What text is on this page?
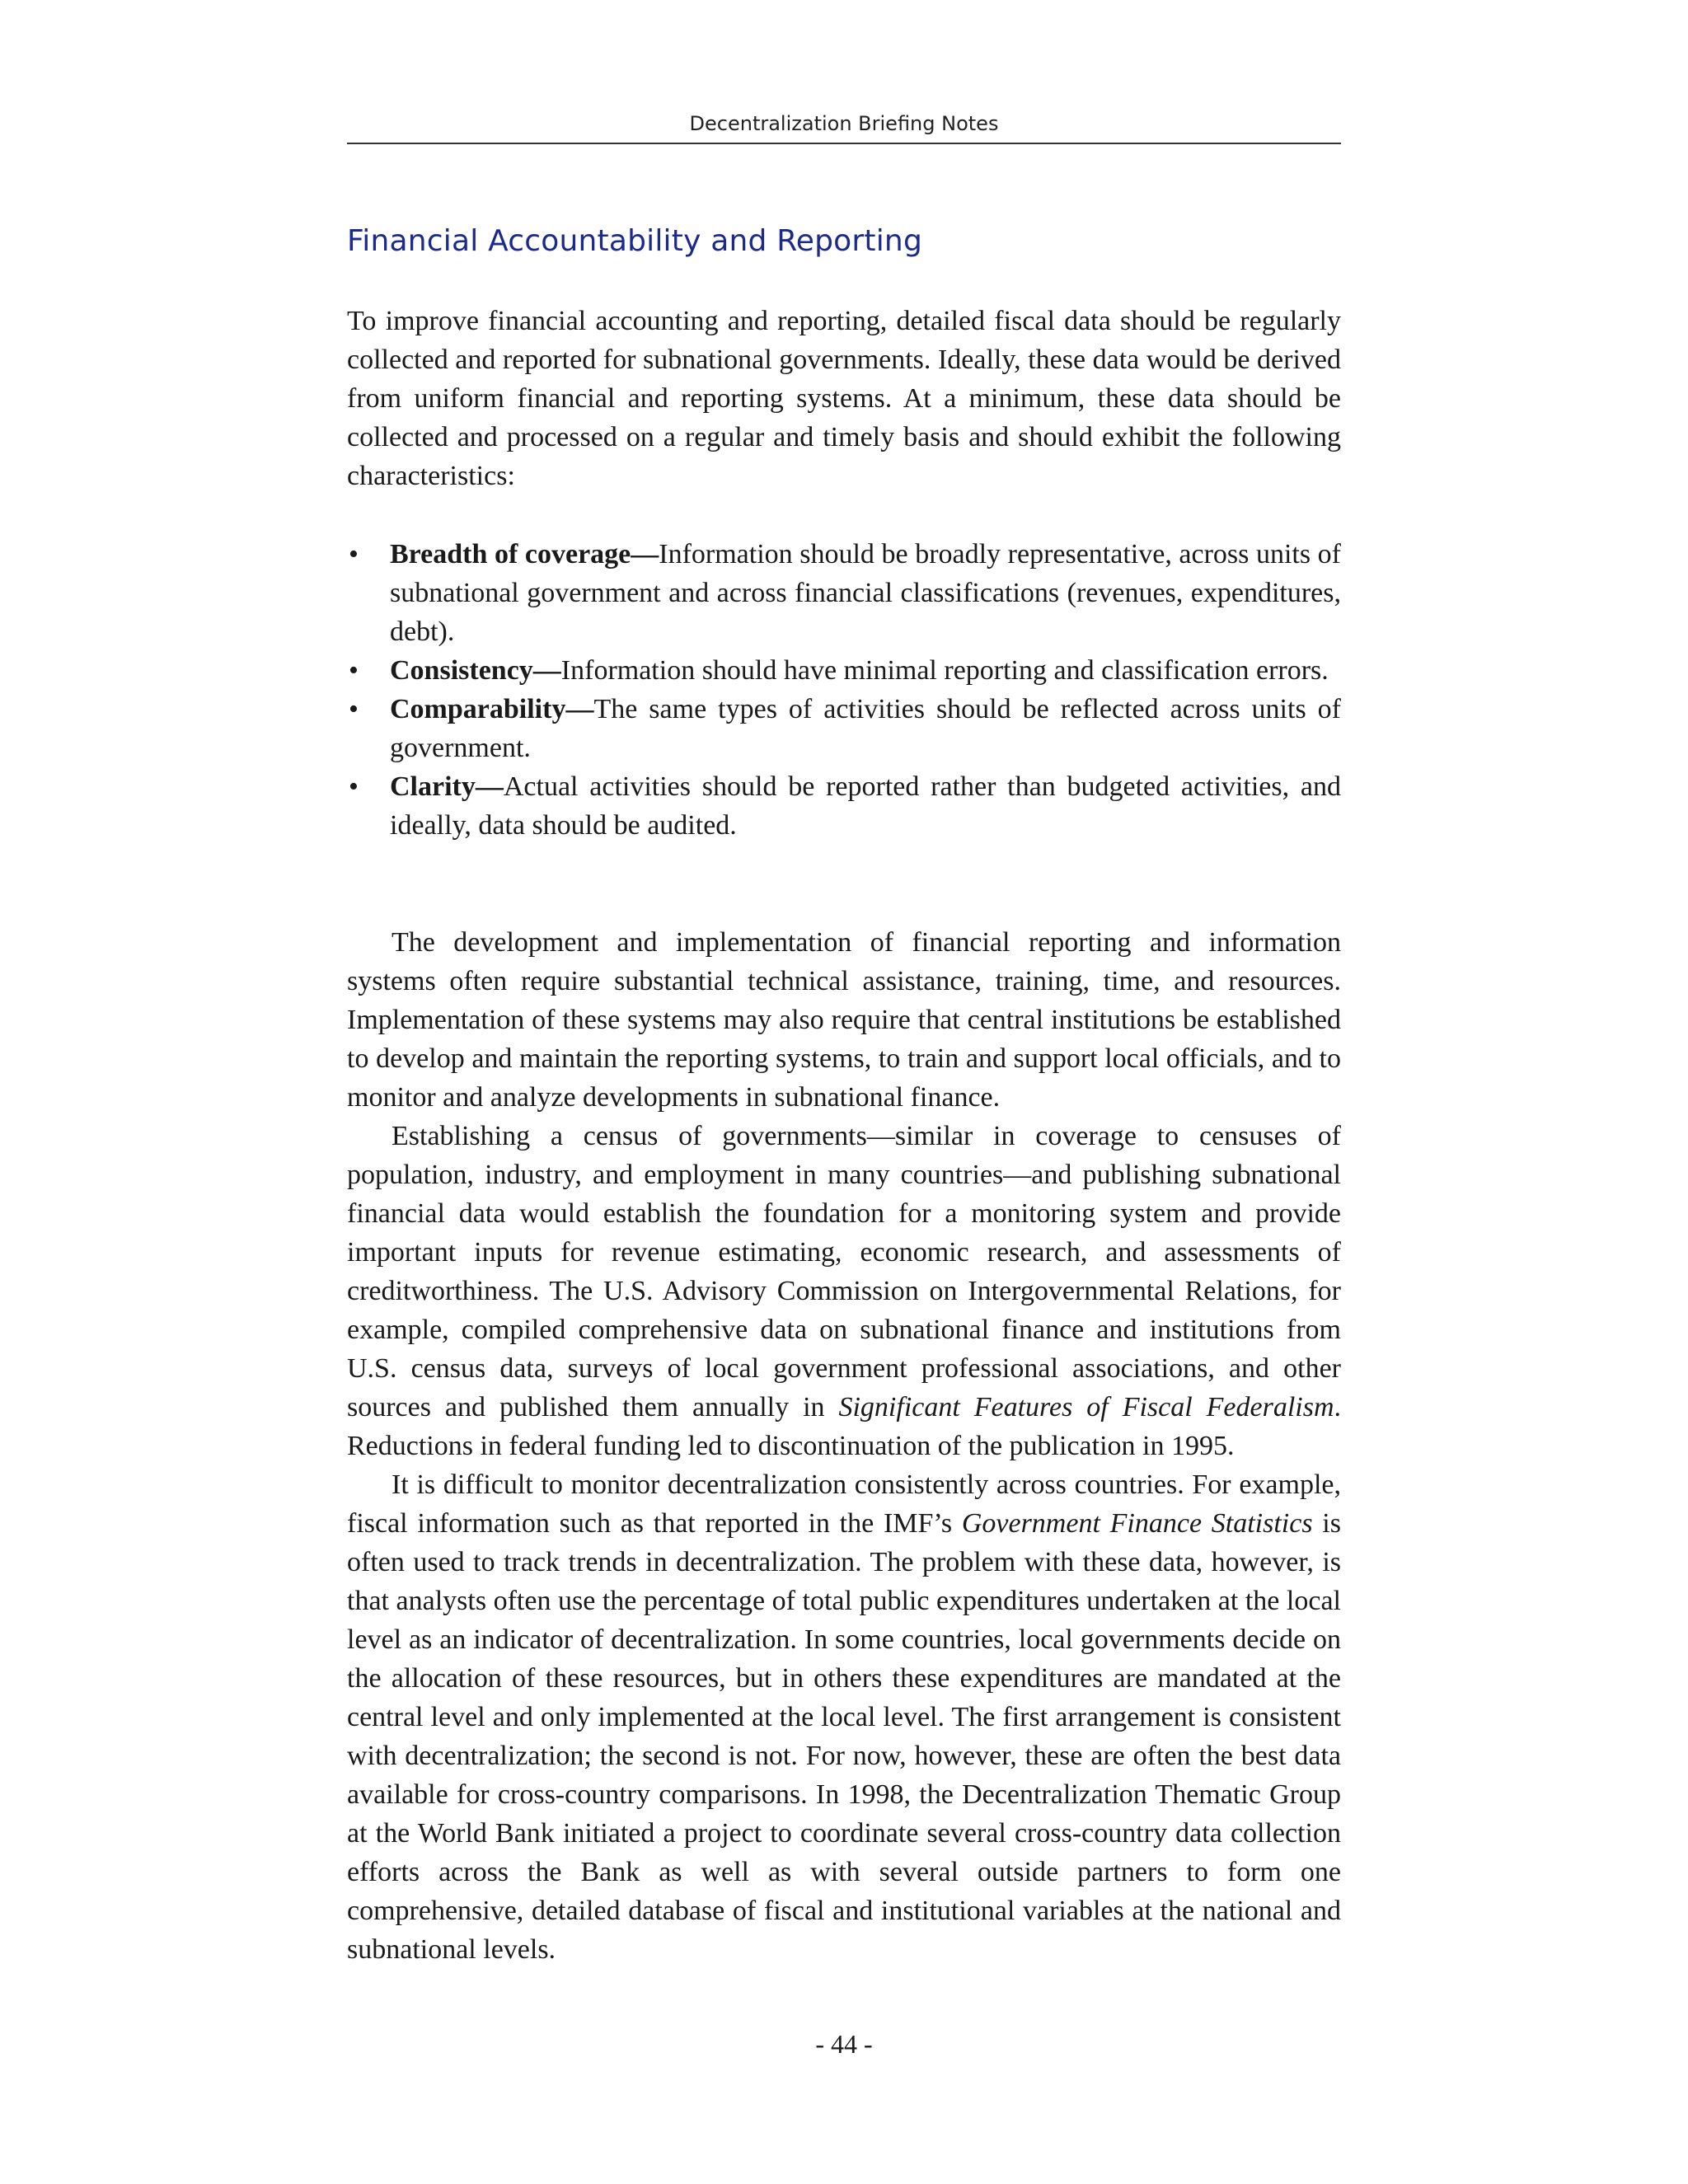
Decentralization Briefing Notes
Financial Accountability and Reporting

To improve financial accounting and reporting, detailed fiscal data should be regularly collected and reported for subnational governments. Ideally, these data would be derived from uniform financial and reporting systems. At a minimum, these data should be collected and processed on a regular and timely basis and should exhibit the following characteristics:

• Breadth of coverage—Information should be broadly representative, across units of subnational government and across financial classifications (revenues, expenditures, debt).
• Consistency—Information should have minimal reporting and classification errors.
• Comparability—The same types of activities should be reflected across units of government.
• Clarity—Actual activities should be reported rather than budgeted activities, and ideally, data should be audited.

The development and implementation of financial reporting and information systems often require substantial technical assistance, training, time, and resources. Implementation of these systems may also require that central institutions be established to develop and maintain the reporting systems, to train and support local officials, and to monitor and analyze developments in subnational finance.

Establishing a census of governments—similar in coverage to censuses of population, industry, and employment in many countries—and publishing subnational financial data would establish the foundation for a monitoring system and provide important inputs for revenue estimating, economic research, and assessments of creditworthiness. The U.S. Advisory Commission on Intergovernmental Relations, for example, compiled comprehensive data on subnational finance and institutions from U.S. census data, surveys of local government professional associations, and other sources and published them annually in Significant Features of Fiscal Federalism. Reductions in federal funding led to discontinuation of the publication in 1995.

It is difficult to monitor decentralization consistently across countries. For example, fiscal information such as that reported in the IMF’s Government Finance Statistics is often used to track trends in decentralization. The problem with these data, however, is that analysts often use the percentage of total public expenditures undertaken at the local level as an indicator of decentralization. In some countries, local governments decide on the allocation of these resources, but in others these expenditures are mandated at the central level and only implemented at the local level. The first arrangement is consistent with decentralization; the second is not. For now, however, these are often the best data available for cross-country comparisons. In 1998, the Decentralization Thematic Group at the World Bank initiated a project to coordinate several cross-country data collection efforts across the Bank as well as with several outside partners to form one comprehensive, detailed database of fiscal and institutional variables at the national and subnational levels.

- 44 -
